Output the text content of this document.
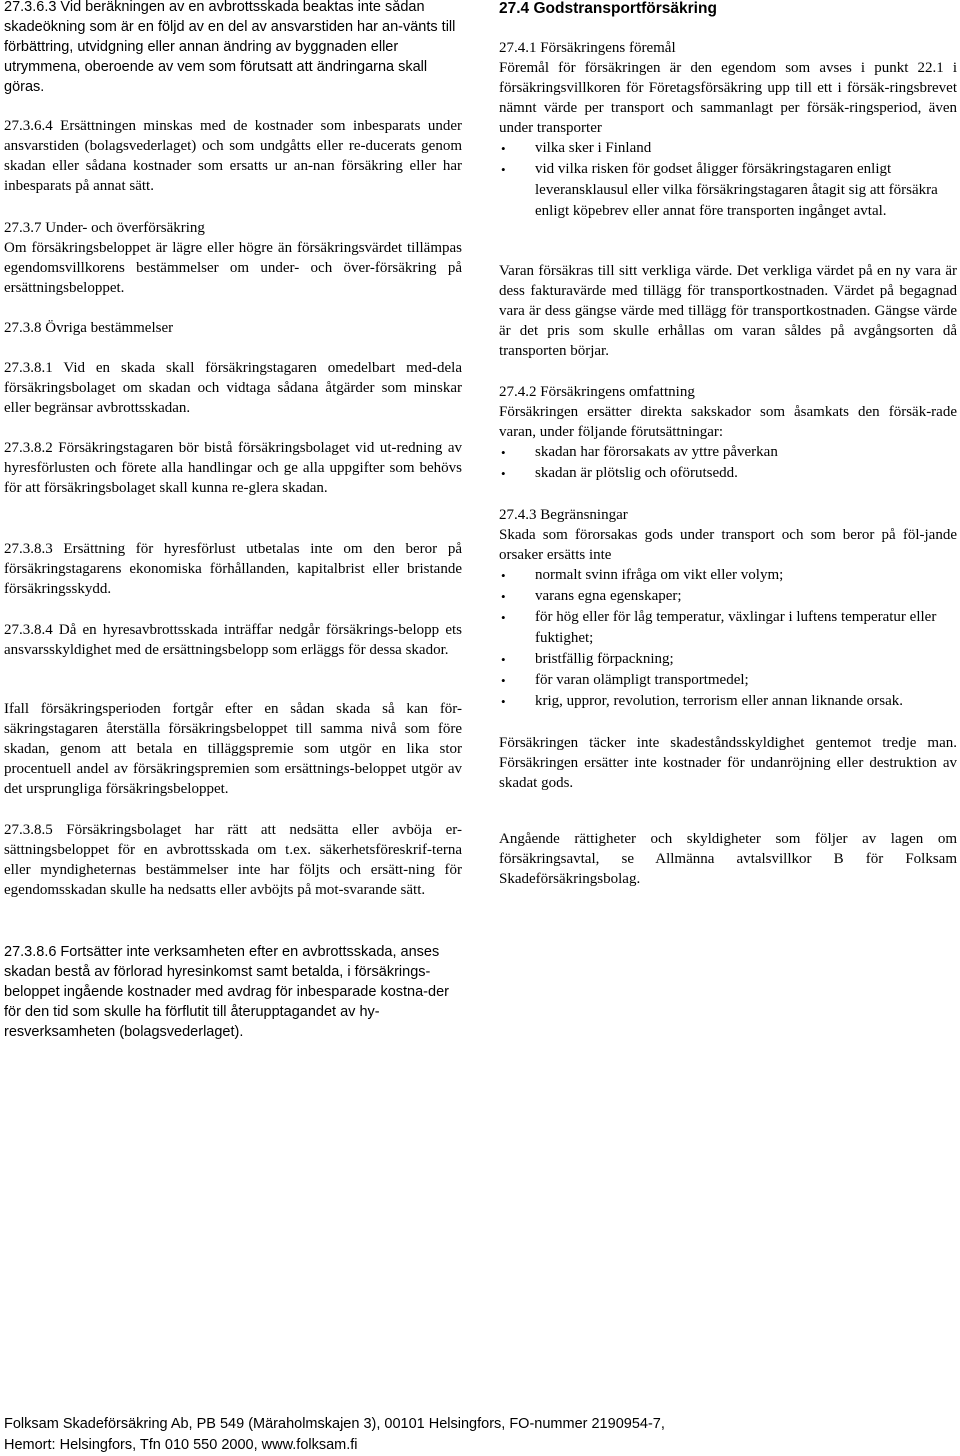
27.3.6.3 Vid beräkningen av en avbrottsskada beaktas inte sådan skadeökning som är en följd av en del av ansvarstiden har an-vänts till förbättring, utvidgning eller annan ändring av byggnaden eller utrymmena, oberoende av vem som förutsatt att ändringarna skall göras.

27.3.6.4 Ersättningen minskas med de kostnader som inbesparats under ansvarstiden (bolagsvederlaget) och som undgåtts eller re-ducerats genom skadan eller sådana kostnader som ersatts ur an-nan försäkring eller har inbesparats på annat sätt.

27.3.7 Under- och överförsäkring

Om försäkringsbeloppet är lägre eller högre än försäkringsvärdet tillämpas egendomsvillkorens bestämmelser om under- och över-försäkring på ersättningsbeloppet.

27.3.8 Övriga bestämmelser

27.3.8.1 Vid en skada skall försäkringstagaren omedelbart med-dela försäkringsbolaget om skadan och vidtaga sådana åtgärder som minskar eller begränsar avbrottsskadan.

27.3.8.2 Försäkringstagaren bör bistå försäkringsbolaget vid ut-redning av hyresförlusten och förete alla handlingar och ge alla uppgifter som behövs för att försäkringsbolaget skall kunna re-glera skadan.

27.3.8.3 Ersättning för hyresförlust utbetalas inte om den beror på försäkringstagarens ekonomiska förhållanden, kapitalbrist eller bristande försäkringsskydd.

27.3.8.4 Då en hyresavbrottsskada inträffar nedgår försäkrings-belopp ets ansvarsskyldighet med de ersättningsbelopp som erläggs för dessa skador.

Ifall försäkringsperioden fortgår efter en sådan skada så kan för-säkringstagaren återställa försäkringsbeloppet till samma nivå som före skadan, genom att betala en tilläggspremie som utgör en lika stor procentuell andel av försäkringspremien som ersättnings-beloppet utgör av det ursprungliga försäkringsbeloppet.

27.3.8.5 Försäkringsbolaget har rätt att nedsätta eller avböja er-sättningsbeloppet för en avbrottsskada om t.ex. säkerhetsföreskrif-terna eller myndigheternas bestämmelser inte har följts och ersätt-ning för egendomsskadan skulle ha nedsatts eller avböjts på mot-svarande sätt.

27.3.8.6 Fortsätter inte verksamheten efter en avbrottsskada, anses skadan bestå av förlorad hyresinkomst samt betalda, i försäkrings-beloppet ingående kostnader med avdrag för inbesparade kostna-der för den tid som skulle ha förflutit till återupptagandet av hy-resverksamheten (bolagsvederlaget).

27.4 Godstransportförsäkring

27.4.1 Försäkringens föremål

Föremål för försäkringen är den egendom som avses i punkt 22.1 i försäkringsvillkoren för Företagsförsäkring upp till ett i försäk-ringsbrevet nämnt värde per transport och sammanlagt per försäk-ringsperiod, även under transporter

• vilka sker i Finland
• vid vilka risken för godset åligger försäkringstagaren enligt leveransklausul eller vilka försäkringstagaren åtagit sig att försäkra enligt köpebrev eller annat före transporten ingånget avtal.

Varan försäkras till sitt verkliga värde. Det verkliga värdet på en ny vara är dess fakturavärde med tillägg för transportkostnaden. Värdet på begagnad vara är dess gängse värde med tillägg för transportkostnaden. Gängse värde är det pris som skulle erhållas om varan såldes på avgångsorten då transporten börjar.

27.4.2 Försäkringens omfattning

Försäkringen ersätter direkta sakskador som åsamkats den försäk-rade varan, under följande förutsättningar:

• skadan har förorsakats av yttre påverkan
• skadan är plötslig och oförutsedd.

27.4.3 Begränsningar

Skada som förorsakas gods under transport och som beror på föl-jande orsaker ersätts inte

• normalt svinn ifråga om vikt eller volym;
• varans egna egenskaper;
• för hög eller för låg temperatur, växlingar i luftens temperatur eller fuktighet;
• bristfällig förpackning;
• för varan olämpligt transportmedel;
• krig, uppror, revolution, terrorism eller annan liknande orsak.

Försäkringen täcker inte skadeståndsskyldighet gentemot tredje man. Försäkringen ersätter inte kostnader för undanröjning eller destruktion av skadat gods.

Angående rättigheter och skyldigheter som följer av lagen om försäkringsavtal, se Allmänna avtalsvillkor B för Folksam Skadeförsäkringsbolag.

Folksam Skadeförsäkring Ab, PB 549 (Märaholmskajen 3), 00101 Helsingfors, FO-nummer 2190954-7,
Hemort: Helsingfors, Tfn 010 550 2000, www.folksam.fi
